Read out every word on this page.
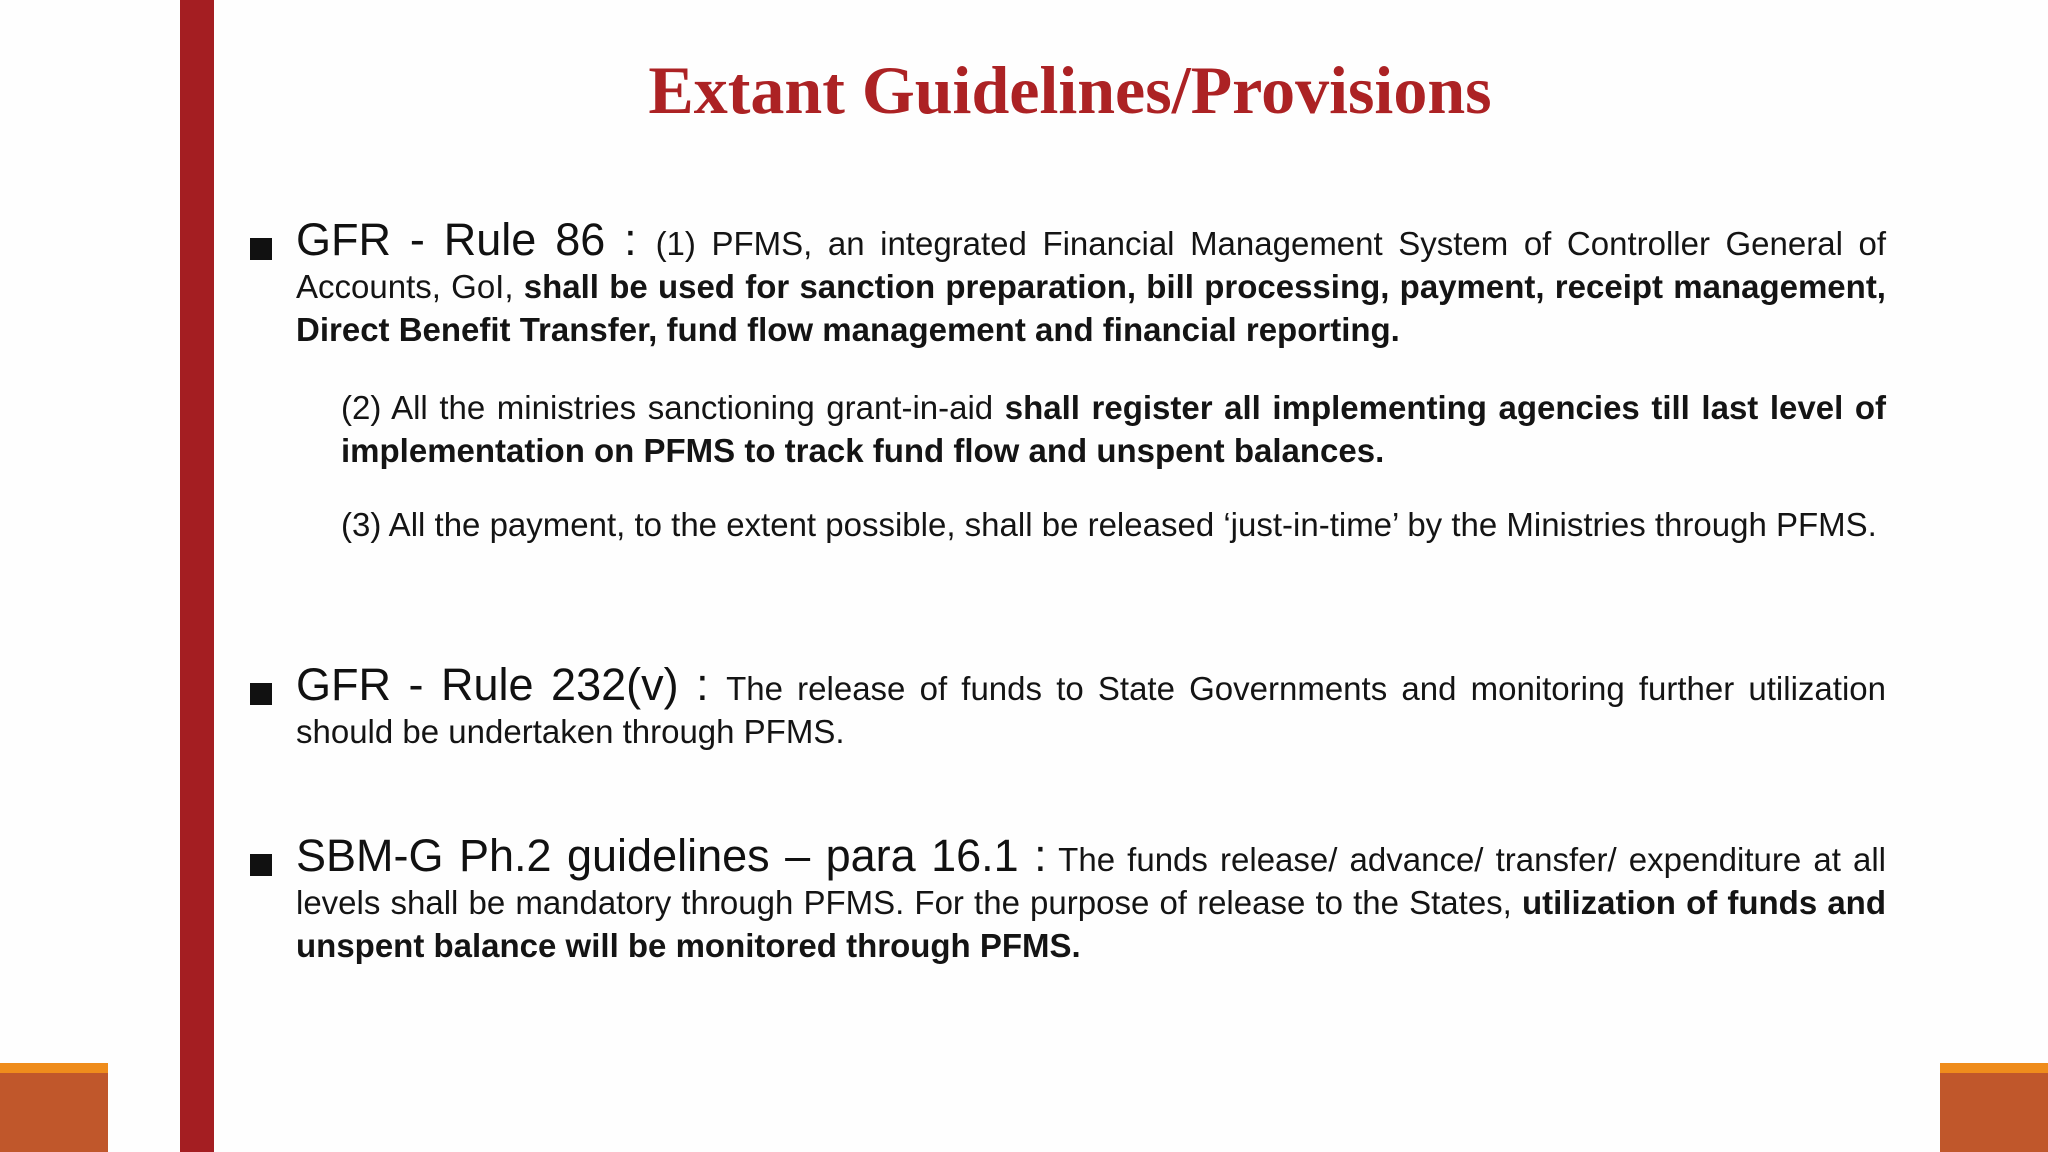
Extant Guidelines/Provisions

GFR - Rule 86 : (1) PFMS, an integrated Financial Management System of Controller General of Accounts, GoI, shall be used for sanction preparation, bill processing, payment, receipt management, Direct Benefit Transfer, fund flow management and financial reporting.

(2) All the ministries sanctioning grant-in-aid shall register all implementing agencies till last level of implementation on PFMS to track fund flow and unspent balances.

(3) All the payment, to the extent possible, shall be released ‘just-in-time’ by the Ministries through PFMS.

GFR - Rule 232(v) : The release of funds to State Governments and monitoring further utilization should be undertaken through PFMS.

SBM-G Ph.2 guidelines – para 16.1 : The funds release/ advance/ transfer/ expenditure at all levels shall be mandatory through PFMS. For the purpose of release to the States, utilization of funds and unspent balance will be monitored through PFMS.
